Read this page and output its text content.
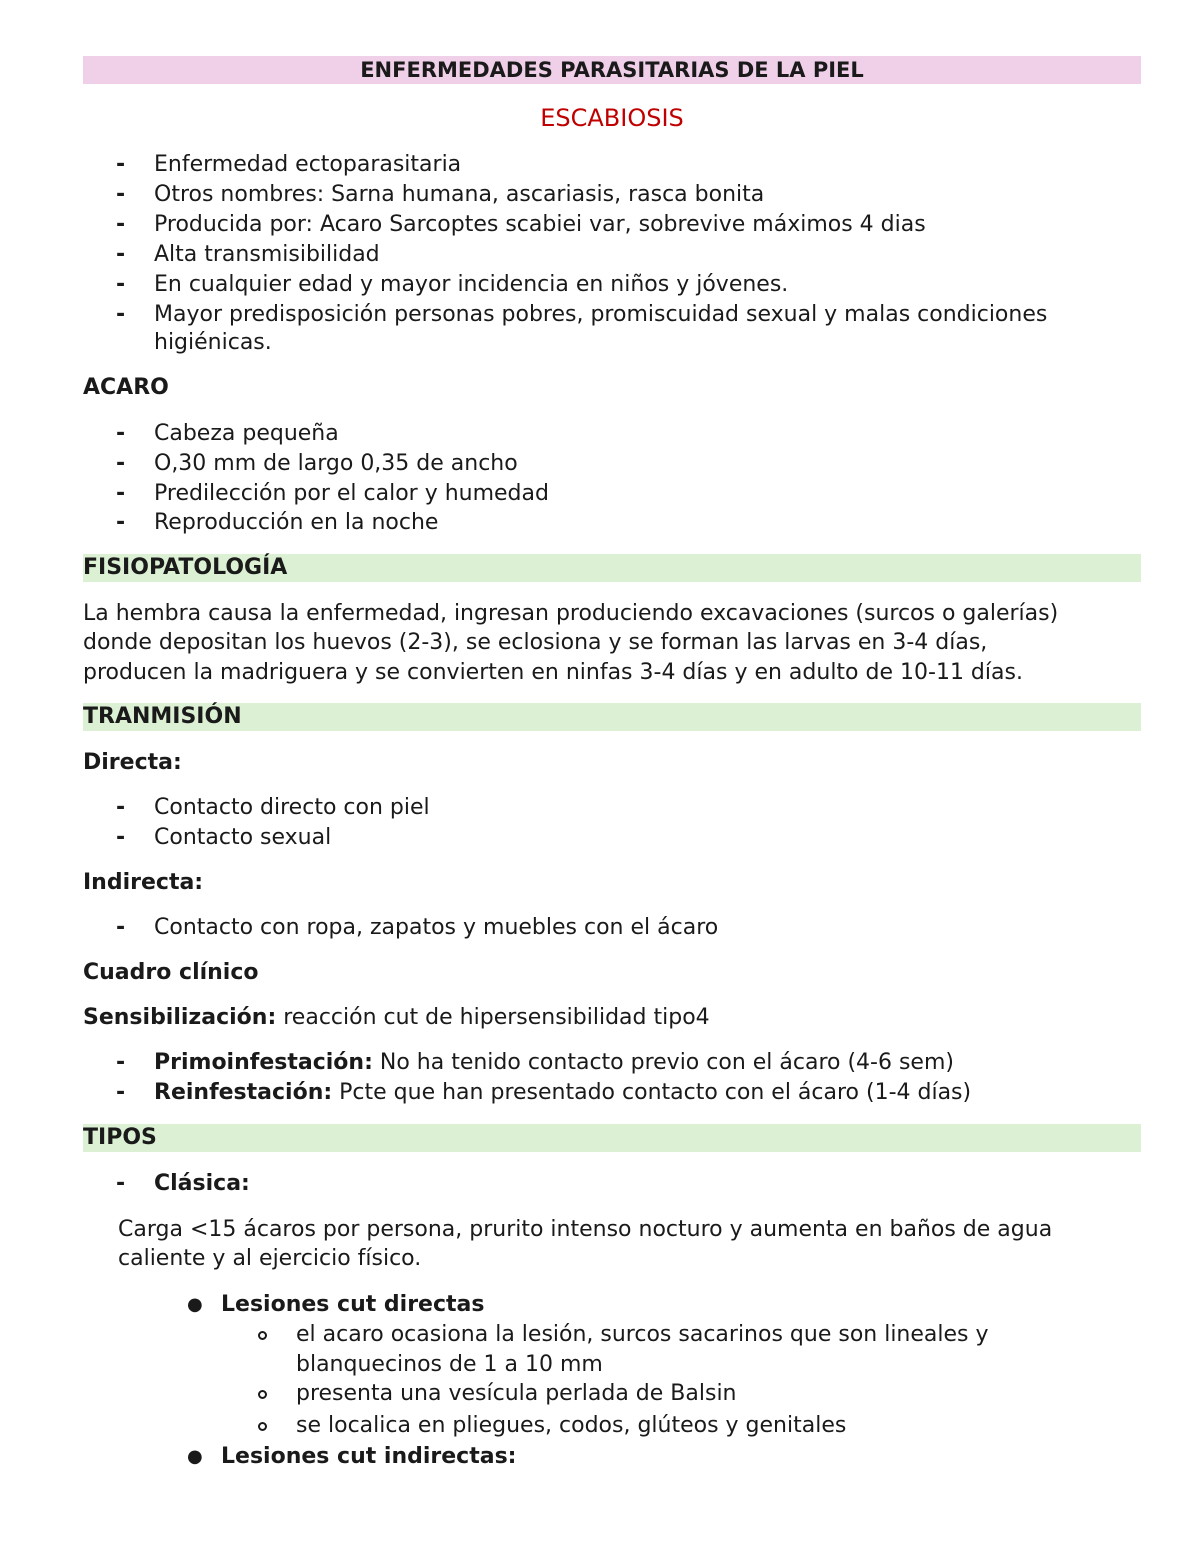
ENFERMEDADES PARASITARIAS DE LA PIEL
ESCABIOSIS
- Enfermedad ectoparasitaria
- Otros nombres: Sarna humana, ascariasis, rasca bonita
- Producida por: Acaro Sarcoptes scabiei var, sobrevive máximos 4 dias
- Alta transmisibilidad
- En cualquier edad y mayor incidencia en niños y jóvenes.
- Mayor predisposición personas pobres, promiscuidad sexual y malas condiciones
higiénicas.
ACARO
- Cabeza pequeña
- O,30 mm de largo 0,35 de ancho
- Predilección por el calor y humedad
- Reproducción en la noche
FISIOPATOLOGÍA
La hembra causa la enfermedad, ingresan produciendo excavaciones (surcos o galerías)
donde depositan los huevos (2-3), se eclosiona y se forman las larvas en 3-4 días,
producen la madriguera y se convierten en ninfas 3-4 días y en adulto de 10-11 días.
TRANMISIÓN
Directa:
- Contacto directo con piel
- Contacto sexual
Indirecta:
- Contacto con ropa, zapatos y muebles con el ácaro
Cuadro clínico
Sensibilización: reacción cut de hipersensibilidad tipo4
- Primoinfestación: No ha tenido contacto previo con el ácaro (4-6 sem)
- Reinfestación: Pcte que han presentado contacto con el ácaro (1-4 días)
TIPOS
- Clásica:
Carga <15 ácaros por persona, prurito intenso nocturo y aumenta en baños de agua
caliente y al ejercicio físico.
● Lesiones cut directas
el acaro ocasiona la lesión, surcos sacarinos que son lineales y
blanquecinos de 1 a 10 mm
presenta una vesícula perlada de Balsin
se localica en pliegues, codos, glúteos y genitales
● Lesiones cut indirectas:
